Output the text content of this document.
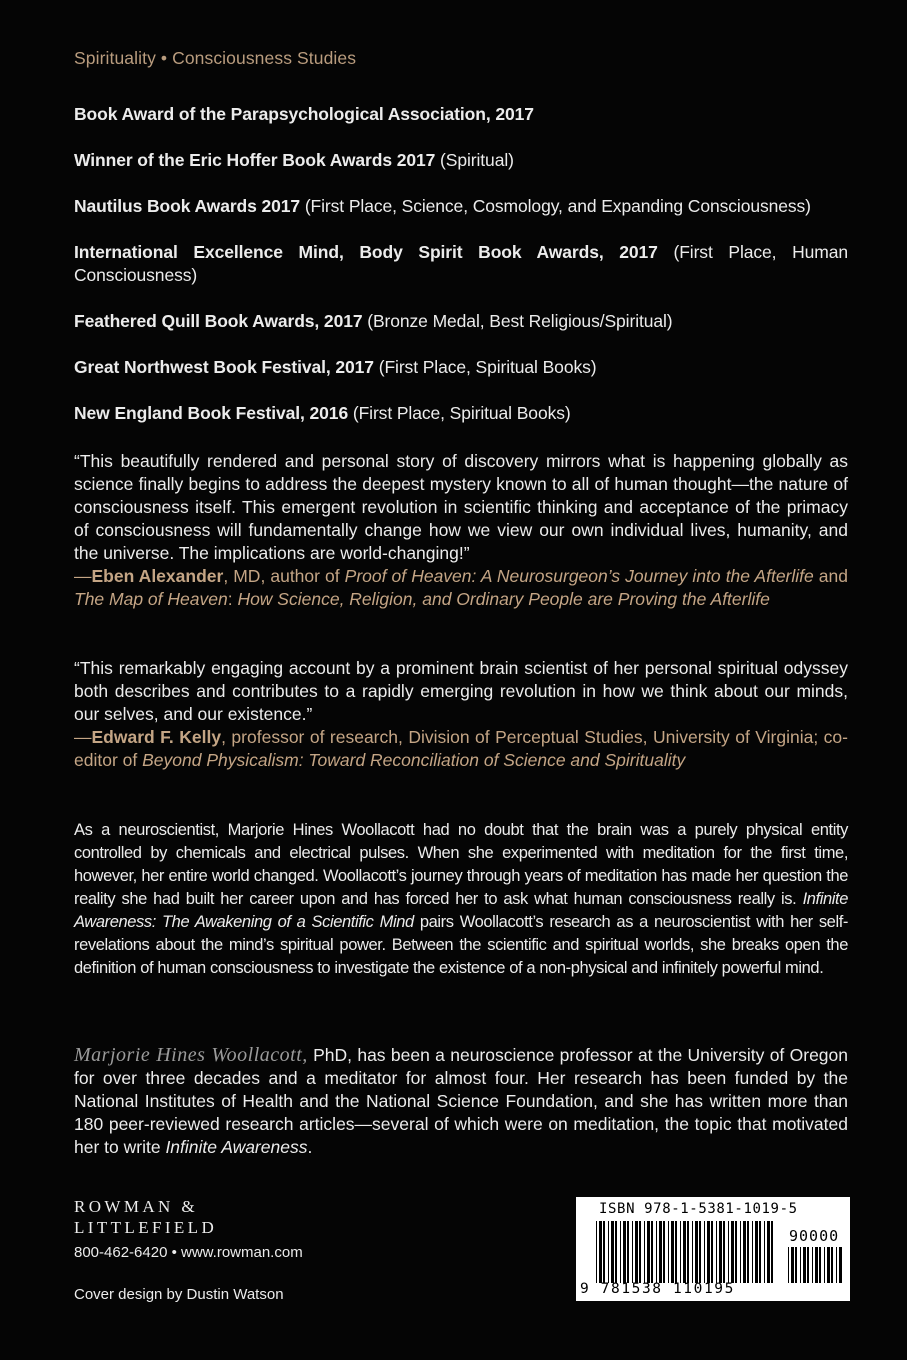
Spirituality • Consciousness Studies

Book Award of the Parapsychological Association, 2017

Winner of the Eric Hoffer Book Awards 2017 (Spiritual)

Nautilus Book Awards 2017 (First Place, Science, Cosmology, and Expanding Consciousness)

International Excellence Mind, Body Spirit Book Awards, 2017 (First Place, Human Consciousness)

Feathered Quill Book Awards, 2017 (Bronze Medal, Best Religious/Spiritual)

Great Northwest Book Festival, 2017 (First Place, Spiritual Books)

New England Book Festival, 2016 (First Place, Spiritual Books)

“This beautifully rendered and personal story of discovery mirrors what is happening globally as science finally begins to address the deepest mystery known to all of human thought—the nature of consciousness itself. This emergent revolution in scientific thinking and acceptance of the primacy of consciousness will fundamentally change how we view our own individual lives, humanity, and the universe. The implications are world-changing!”

—Eben Alexander, MD, author of Proof of Heaven: A Neurosurgeon’s Journey into the Afterlife and The Map of Heaven: How Science, Religion, and Ordinary People are Proving the Afterlife

“This remarkably engaging account by a prominent brain scientist of her personal spiritual odyssey both describes and contributes to a rapidly emerging revolution in how we think about our minds, our selves, and our existence.”

—Edward F. Kelly, professor of research, Division of Perceptual Studies, University of Virginia; co-editor of Beyond Physicalism: Toward Reconciliation of Science and Spirituality

As a neuroscientist, Marjorie Hines Woollacott had no doubt that the brain was a purely physical entity controlled by chemicals and electrical pulses. When she experimented with meditation for the first time, however, her entire world changed. Woollacott’s journey through years of meditation has made her question the reality she had built her career upon and has forced her to ask what human consciousness really is. Infinite Awareness: The Awakening of a Scientific Mind pairs Woollacott’s research as a neuroscientist with her self-revelations about the mind’s spiritual power. Between the scientific and spiritual worlds, she breaks open the definition of human consciousness to investigate the existence of a non-physical and infinitely powerful mind.

Marjorie Hines Woollacott, PhD, has been a neuroscience professor at the University of Oregon for over three decades and a meditator for almost four. Her research has been funded by the National Institutes of Health and the National Science Foundation, and she has written more than 180 peer-reviewed research articles—several of which were on meditation, the topic that motivated her to write Infinite Awareness.

ROWMAN &
LITTLEFIELD
800-462-6420 • www.rowman.com
Cover design by Dustin Watson
ISBN 978-1-5381-1019-5
90000
9 781538 110195
